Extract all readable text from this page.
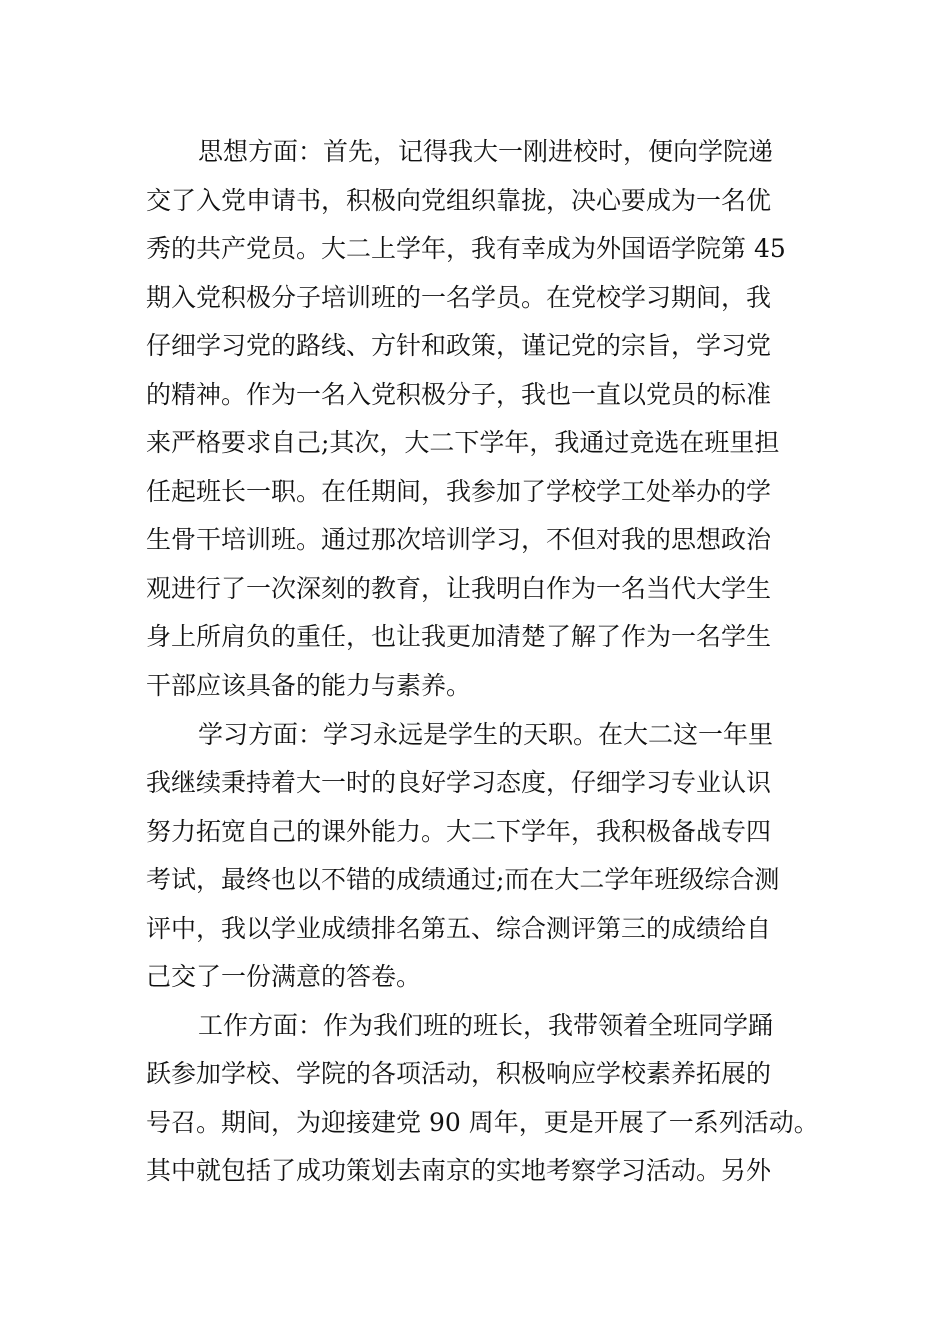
思想方面：首先，记得我大一刚进校时，便向学院递
交了入党申请书，积极向党组织靠拢，决心要成为一名优
秀的共产党员。大二上学年，我有幸成为外国语学院第 45
期入党积极分子培训班的一名学员。在党校学习期间，我
仔细学习党的路线、方针和政策，谨记党的宗旨，学习党
的精神。作为一名入党积极分子，我也一直以党员的标准
来严格要求自己;其次，大二下学年，我通过竞选在班里担
任起班长一职。在任期间，我参加了学校学工处举办的学
生骨干培训班。通过那次培训学习，不但对我的思想政治
观进行了一次深刻的教育，让我明白作为一名当代大学生
身上所肩负的重任，也让我更加清楚了解了作为一名学生
干部应该具备的能力与素养。
学习方面：学习永远是学生的天职。在大二这一年里
我继续秉持着大一时的良好学习态度，仔细学习专业认识
努力拓宽自己的课外能力。大二下学年，我积极备战专四
考试，最终也以不错的成绩通过;而在大二学年班级综合测
评中，我以学业成绩排名第五、综合测评第三的成绩给自
己交了一份满意的答卷。
工作方面：作为我们班的班长，我带领着全班同学踊
跃参加学校、学院的各项活动，积极响应学校素养拓展的
号召。期间，为迎接建党 90 周年，更是开展了一系列活动。
其中就包括了成功策划去南京的实地考察学习活动。另外
